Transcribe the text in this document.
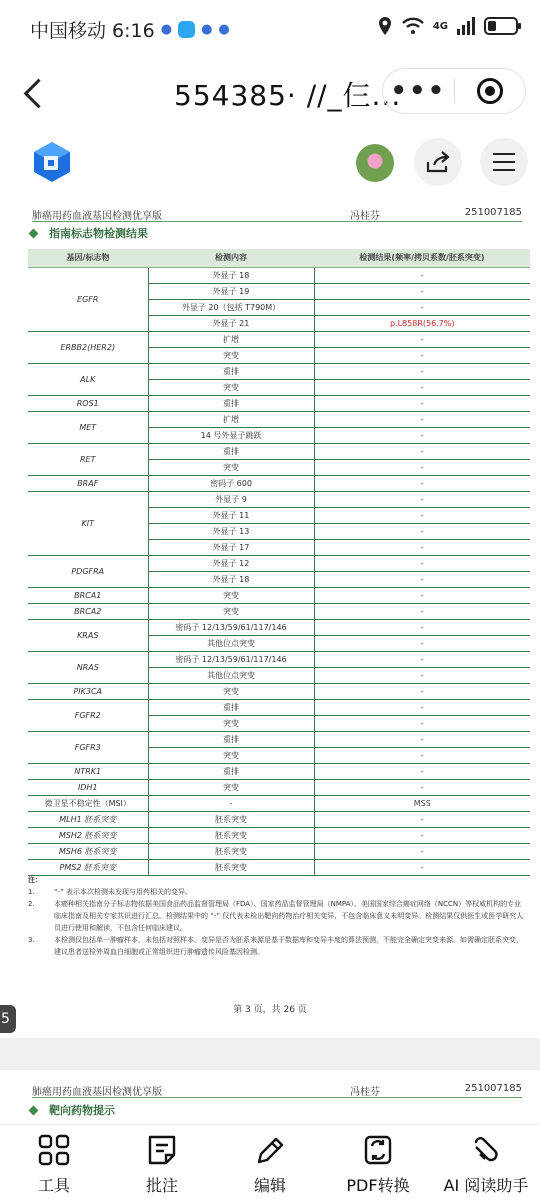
中国移动 6:16 ● ● ●	4G
554385· ∕∕_仨...
•••
肺癌用药血液基因检测优享版	冯桂芬	251007185
指南标志物检测结果
基因/标志物	检测内容	检测结果(频率/拷贝系数/胚系突变)
EGFR	外显子 18	-
	外显子 19	-
	外显子 20（包括 T790M）	-
	外显子 21	p.L858R(56.7%)
ERBB2(HER2)	扩增	-
	突变	-
ALK	重排	-
	突变	-
ROS1	重排	-
MET	扩增	-
	14 号外显子跳跃	-
RET	重排	-
	突变	-
BRAF	密码子 600	-
KIT	外显子 9	-
	外显子 11	-
	外显子 13	-
	外显子 17	-
PDGFRA	外显子 12	-
	外显子 18	-
BRCA1	突变	-
BRCA2	突变	-
KRAS	密码子 12/13/59/61/117/146	-
	其他位点突变	-
NRAS	密码子 12/13/59/61/117/146	-
	其他位点突变	-
PIK3CA	突变	-
FGFR2	重排	-
	突变	-
FGFR3	重排	-
	突变	-
NTRK1	重排	-
IDH1	突变	-
微卫星不稳定性（MSI）	-	MSS
MLH1 胚系突变	胚系突变	-
MSH2 胚系突变	胚系突变	-
MSH6 胚系突变	胚系突变	-
PMS2 胚系突变	胚系突变	-
注：
1.	“-” 表示本次检测未发现与用药相关的变异。
2.	本癌种相关指南分子标志物依据美国食品药品监督管理局（FDA）、国家药品监督管理局（NMPA）、美国国家综合癌症网络（NCCN）等权威机构的专业临床指南及相关专家共识进行汇总。检测结果中的 “-” 仅代表未检出靶向药物治疗相关变异，不包含临床意义未明变异。检测结果仅供医生或医学研究人员进行使用和解读，不包含任何临床建议。
3.	本检测仅包括单一肿瘤样本，未包括对照样本。变异是否为胚系来源是基于数据库和变异丰度的算法预测，不能完全确定突变来源。如需确定胚系突变，建议患者送检外周血白细胞或正常组织进行肿瘤遗传风险基因检测。
第 3 页，共 26 页
5
肺癌用药血液基因检测优享版	冯桂芬	251007185
靶向药物提示
工具	批注	编辑	PDF转换 AI 阅读助手
